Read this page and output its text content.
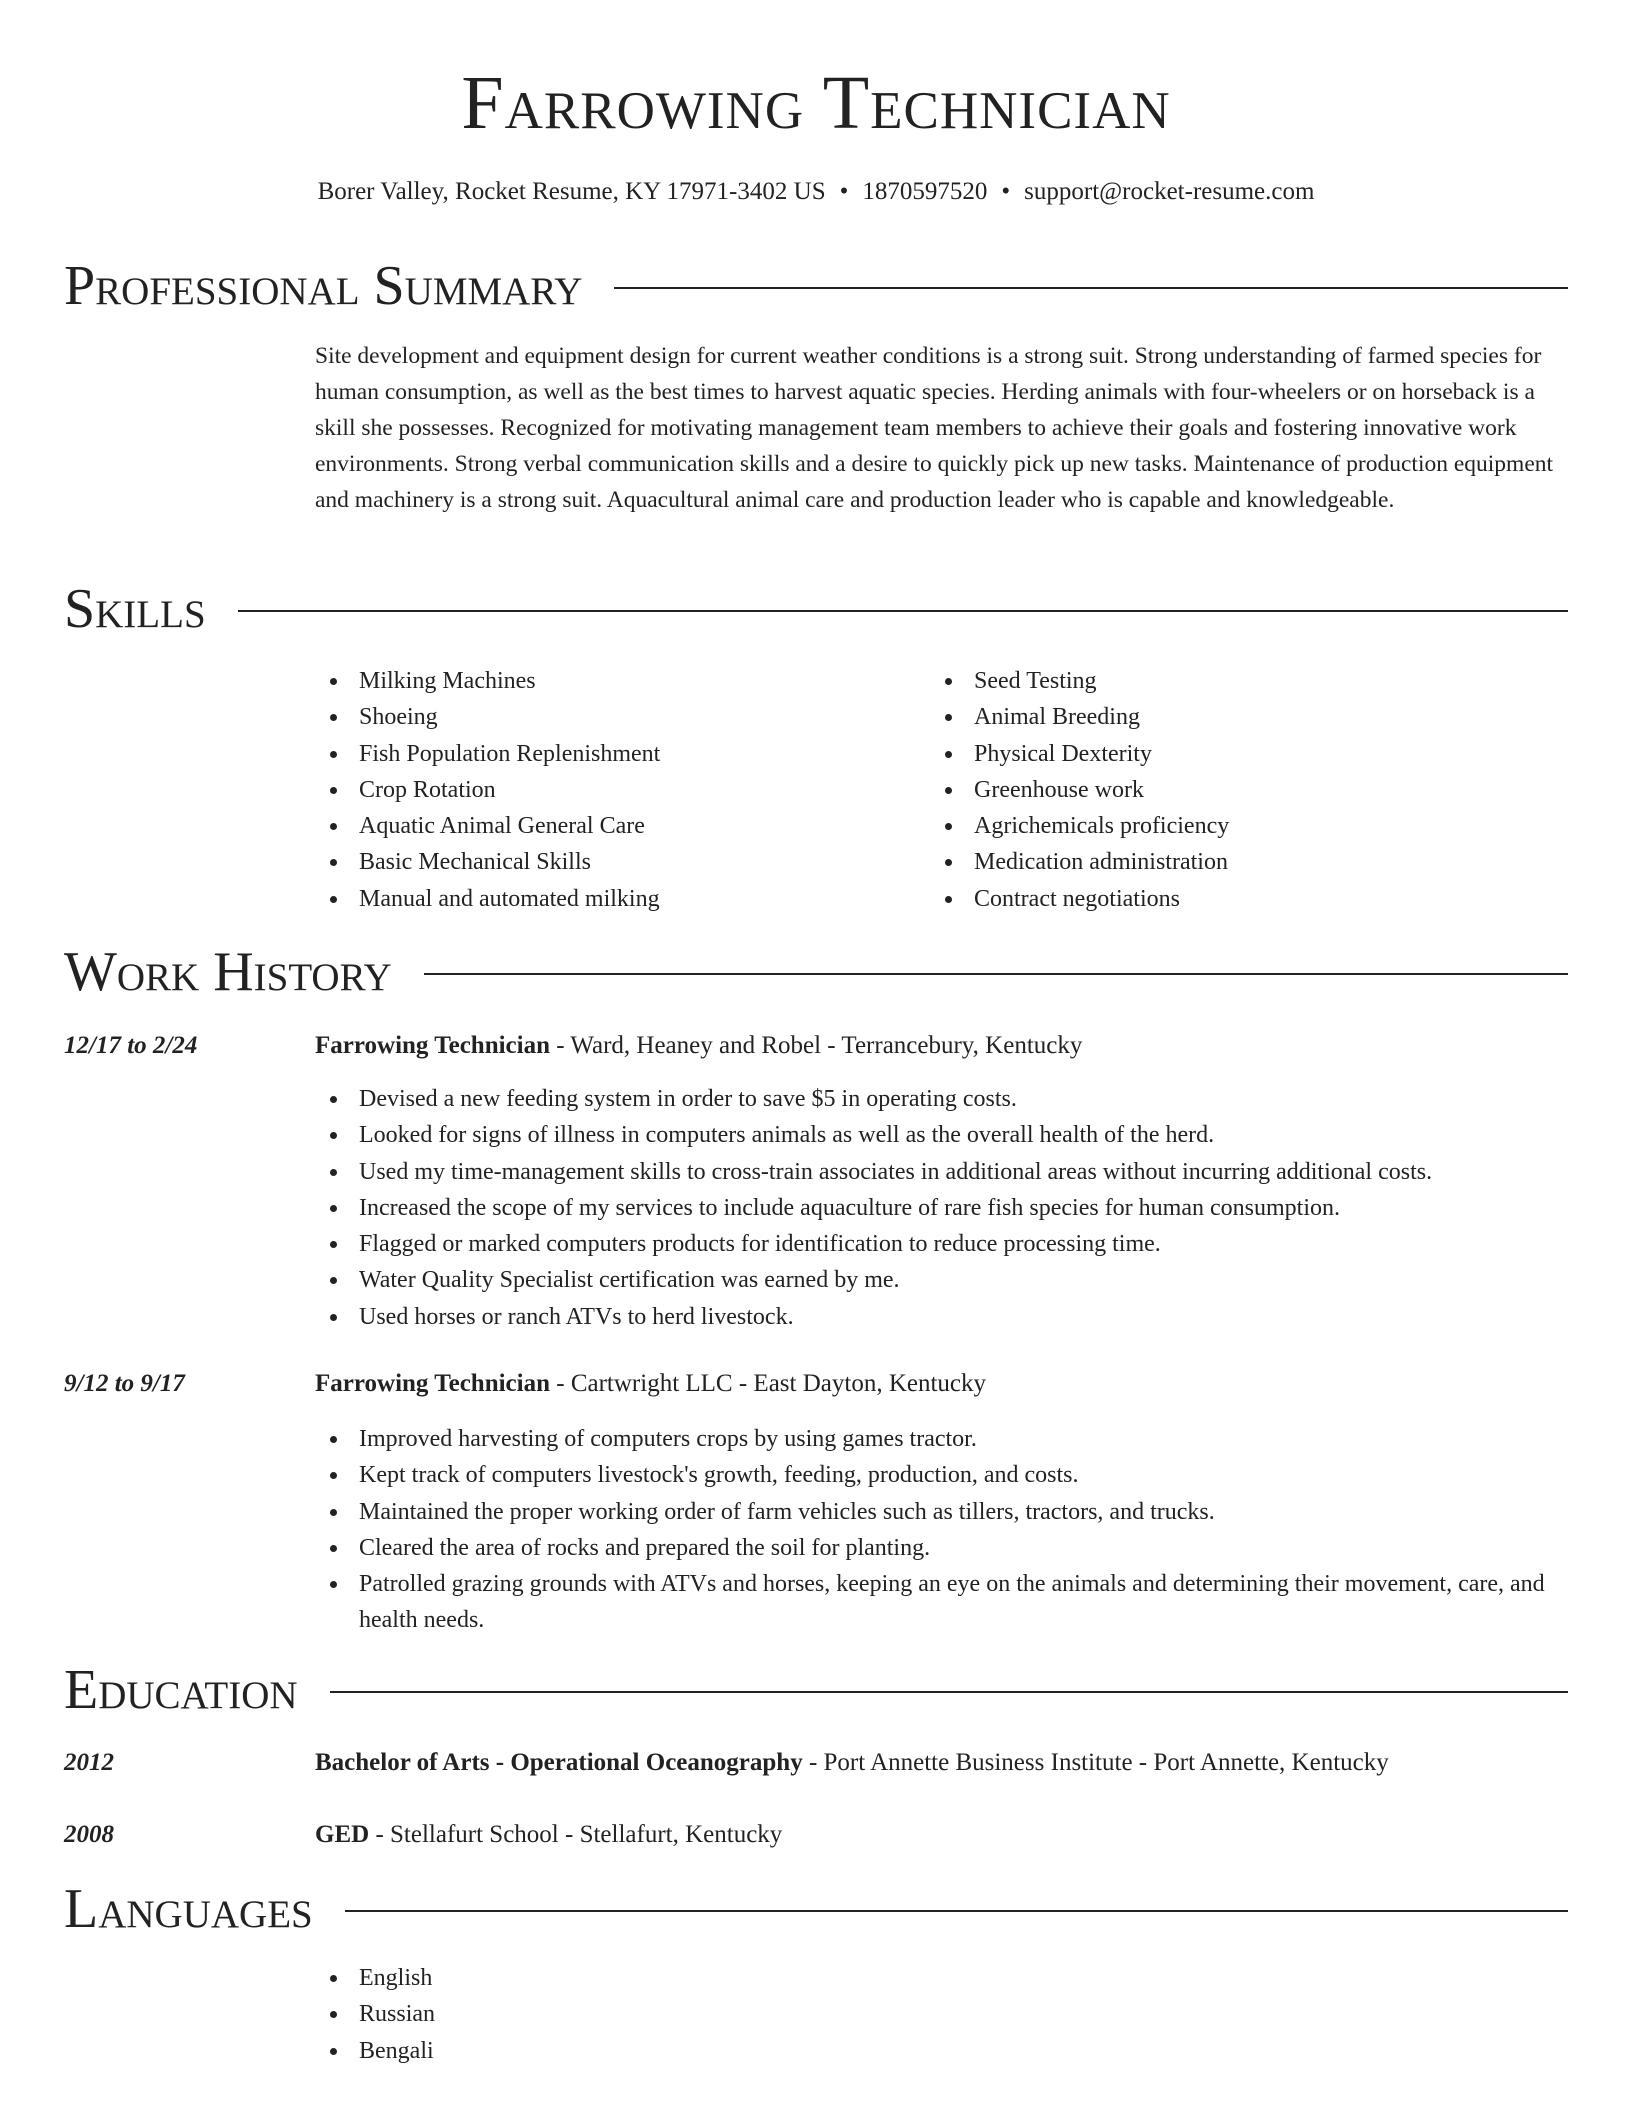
Farrowing Technician
Borer Valley, Rocket Resume, KY 17971-3402 US • 1870597520 • support@rocket-resume.com
Professional Summary

Site development and equipment design for current weather conditions is a strong suit. Strong understanding of farmed species for human consumption, as well as the best times to harvest aquatic species. Herding animals with four-wheelers or on horseback is a skill she possesses. Recognized for motivating management team members to achieve their goals and fostering innovative work environments. Strong verbal communication skills and a desire to quickly pick up new tasks. Maintenance of production equipment and machinery is a strong suit. Aquacultural animal care and production leader who is capable and knowledgeable.

Skills
Milking Machines
Shoeing
Fish Population Replenishment
Crop Rotation
Aquatic Animal General Care
Basic Mechanical Skills
Manual and automated milking
Seed Testing
Animal Breeding
Physical Dexterity
Greenhouse work
Agrichemicals proficiency
Medication administration
Contract negotiations
Work History
12/17 to 2/24	Farrowing Technician - Ward, Heaney and Robel - Terrancebury, Kentucky
Devised a new feeding system in order to save $5 in operating costs.
Looked for signs of illness in computers animals as well as the overall health of the herd.
Used my time-management skills to cross-train associates in additional areas without incurring additional costs.
Increased the scope of my services to include aquaculture of rare fish species for human consumption.
Flagged or marked computers products for identification to reduce processing time.
Water Quality Specialist certification was earned by me.
Used horses or ranch ATVs to herd livestock.
9/12 to 9/17	Farrowing Technician - Cartwright LLC - East Dayton, Kentucky
Improved harvesting of computers crops by using games tractor.
Kept track of computers livestock's growth, feeding, production, and costs.
Maintained the proper working order of farm vehicles such as tillers, tractors, and trucks.
Cleared the area of rocks and prepared the soil for planting.
Patrolled grazing grounds with ATVs and horses, keeping an eye on the animals and determining their movement, care, and health needs.
Education
2012	Bachelor of Arts - Operational Oceanography - Port Annette Business Institute - Port Annette, Kentucky
2008	GED - Stellafurt School - Stellafurt, Kentucky
Languages
English
Russian
Bengali
